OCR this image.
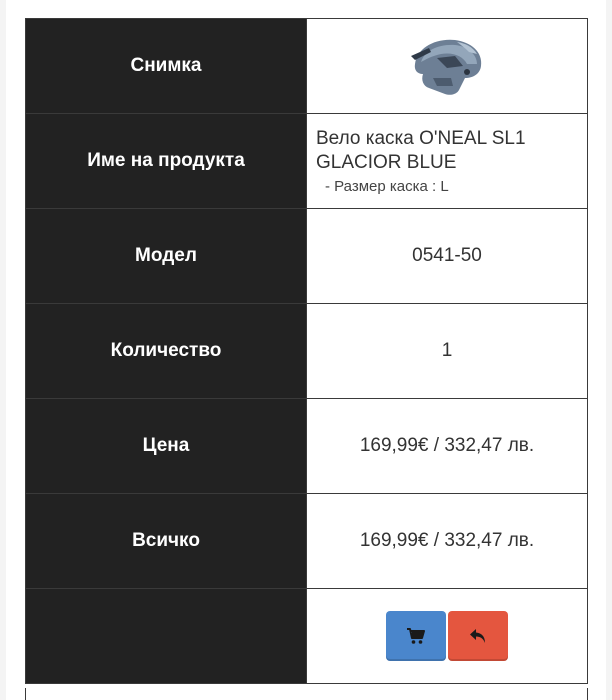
Снимка	

Име на продукта	Вело каска O'NEAL SL1 GLACIOR BLUE
- Размер каска : L

Модел	0541-50
Количество	1
Цена	169,99€ / 332,47 лв.
Всичко	169,99€ / 332,47 лв.
